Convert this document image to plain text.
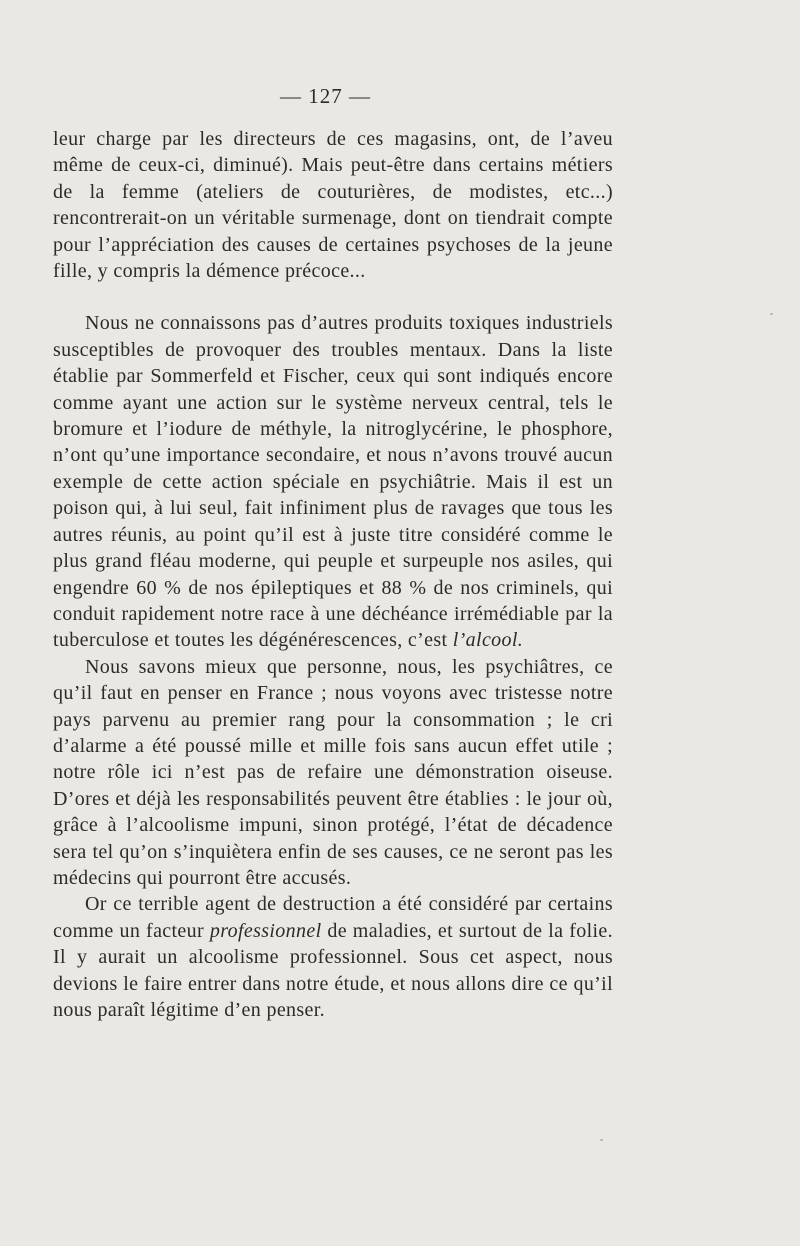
— 127 —

leur charge par les directeurs de ces magasins, ont, de l’aveu même de ceux-ci, diminué). Mais peut-être dans certains métiers de la femme (ateliers de couturières, de modistes, etc...) rencontrerait-on un véritable surmenage, dont on tiendrait compte pour l’appréciation des causes de certaines psychoses de la jeune fille, y compris la démence précoce...

Nous ne connaissons pas d’autres produits toxiques industriels susceptibles de provoquer des troubles mentaux. Dans la liste établie par Sommerfeld et Fischer, ceux qui sont indiqués encore comme ayant une action sur le système nerveux central, tels le bromure et l’iodure de méthyle, la nitroglycérine, le phosphore, n’ont qu’une importance secondaire, et nous n’avons trouvé aucun exemple de cette action spéciale en psychiâtrie. Mais il est un poison qui, à lui seul, fait infiniment plus de ravages que tous les autres réunis, au point qu’il est à juste titre considéré comme le plus grand fléau moderne, qui peuple et surpeuple nos asiles, qui engendre 60 % de nos épileptiques et 88 % de nos criminels, qui conduit rapidement notre race à une déchéance irrémédiable par la tuberculose et toutes les dégénérescences, c’est l’alcool.

Nous savons mieux que personne, nous, les psychiâtres, ce qu’il faut en penser en France ; nous voyons avec tristesse notre pays parvenu au premier rang pour la consommation ; le cri d’alarme a été poussé mille et mille fois sans aucun effet utile ; notre rôle ici n’est pas de refaire une démonstration oiseuse. D’ores et déjà les responsabilités peuvent être établies : le jour où, grâce à l’alcoolisme impuni, sinon protégé, l’état de décadence sera tel qu’on s’inquiètera enfin de ses causes, ce ne seront pas les médecins qui pourront être accusés.

Or ce terrible agent de destruction a été considéré par certains comme un facteur professionnel de maladies, et surtout de la folie. Il y aurait un alcoolisme professionnel. Sous cet aspect, nous devions le faire entrer dans notre étude, et nous allons dire ce qu’il nous paraît légitime d’en penser.
